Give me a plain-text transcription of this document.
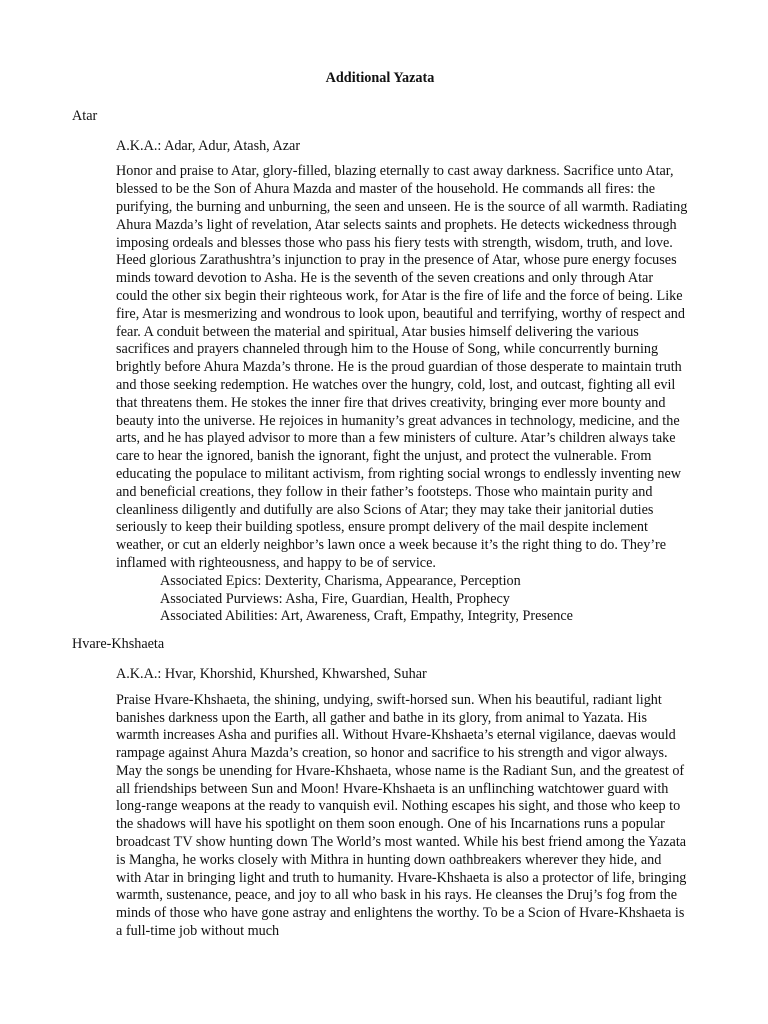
Additional Yazata
Atar
A.K.A.: Adar, Adur, Atash, Azar
Honor and praise to Atar, glory-filled, blazing eternally to cast away darkness. Sacrifice unto Atar, blessed to be the Son of Ahura Mazda and master of the household. He commands all fires: the purifying, the burning and unburning, the seen and unseen. He is the source of all warmth. Radiating Ahura Mazda’s light of revelation, Atar selects saints and prophets. He detects wickedness through imposing ordeals and blesses those who pass his fiery tests with strength, wisdom, truth, and love. Heed glorious Zarathushtra’s injunction to pray in the presence of Atar, whose pure energy focuses minds toward devotion to Asha. He is the seventh of the seven creations and only through Atar could the other six begin their righteous work, for Atar is the fire of life and the force of being. Like fire, Atar is mesmerizing and wondrous to look upon, beautiful and terrifying, worthy of respect and fear. A conduit between the material and spiritual, Atar busies himself delivering the various sacrifices and prayers channeled through him to the House of Song, while concurrently burning brightly before Ahura Mazda’s throne. He is the proud guardian of those desperate to maintain truth and those seeking redemption. He watches over the hungry, cold, lost, and outcast, fighting all evil that threatens them. He stokes the inner fire that drives creativity, bringing ever more bounty and beauty into the universe. He rejoices in humanity’s great advances in technology, medicine, and the arts, and he has played advisor to more than a few ministers of culture. Atar’s children always take care to hear the ignored, banish the ignorant, fight the unjust, and protect the vulnerable. From educating the populace to militant activism, from righting social wrongs to endlessly inventing new and beneficial creations, they follow in their father’s footsteps. Those who maintain purity and cleanliness diligently and dutifully are also Scions of Atar; they may take their janitorial duties seriously to keep their building spotless, ensure prompt delivery of the mail despite inclement weather, or cut an elderly neighbor’s lawn once a week because it’s the right thing to do. They’re inflamed with righteousness, and happy to be of service.
Associated Epics: Dexterity, Charisma, Appearance, Perception
Associated Purviews: Asha, Fire, Guardian, Health, Prophecy
Associated Abilities: Art, Awareness, Craft, Empathy, Integrity, Presence
Hvare-Khshaeta
A.K.A.: Hvar, Khorshid, Khurshed, Khwarshed, Suhar
Praise Hvare-Khshaeta, the shining, undying, swift-horsed sun. When his beautiful, radiant light banishes darkness upon the Earth, all gather and bathe in its glory, from animal to Yazata. His warmth increases Asha and purifies all. Without Hvare-Khshaeta’s eternal vigilance, daevas would rampage against Ahura Mazda’s creation, so honor and sacrifice to his strength and vigor always. May the songs be unending for Hvare-Khshaeta, whose name is the Radiant Sun, and the greatest of all friendships between Sun and Moon! Hvare-Khshaeta is an unflinching watchtower guard with long-range weapons at the ready to vanquish evil. Nothing escapes his sight, and those who keep to the shadows will have his spotlight on them soon enough. One of his Incarnations runs a popular broadcast TV show hunting down The World’s most wanted. While his best friend among the Yazata is Mangha, he works closely with Mithra in hunting down oathbreakers wherever they hide, and with Atar in bringing light and truth to humanity. Hvare-Khshaeta is also a protector of life, bringing warmth, sustenance, peace, and joy to all who bask in his rays. He cleanses the Druj’s fog from the minds of those who have gone astray and enlightens the worthy. To be a Scion of Hvare-Khshaeta is a full-time job without much
